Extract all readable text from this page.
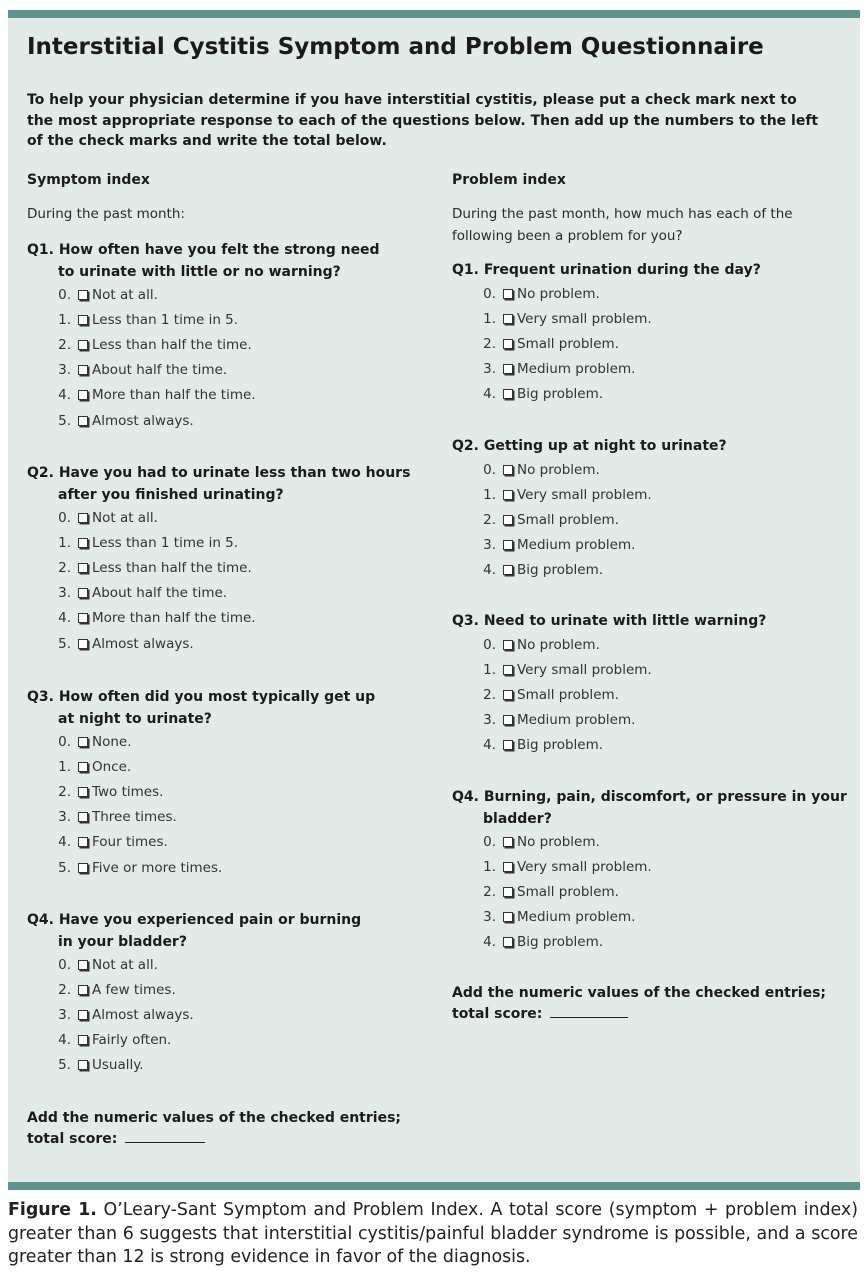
Interstitial Cystitis Symptom and Problem Questionnaire

To help your physician determine if you have interstitial cystitis, please put a check mark next to the most appropriate response to each of the questions below. Then add up the numbers to the left of the check marks and write the total below.

Symptom index
During the past month:
Q1. How often have you felt the strong need
to urinate with little or no warning?
0. Not at all.
1. Less than 1 time in 5.
2. Less than half the time.
3. About half the time.
4. More than half the time.
5. Almost always.
Q2. Have you had to urinate less than two hours
after you finished urinating?
0. Not at all.
1. Less than 1 time in 5.
2. Less than half the time.
3. About half the time.
4. More than half the time.
5. Almost always.
Q3. How often did you most typically get up
at night to urinate?
0. None.
1. Once.
2. Two times.
3. Three times.
4. Four times.
5. Five or more times.
Q4. Have you experienced pain or burning
in your bladder?
0. Not at all.
2. A few times.
3. Almost always.
4. Fairly often.
5. Usually.
Add the numeric values of the checked entries;
total score:
Problem index
During the past month, how much has each of the
following been a problem for you?
Q1. Frequent urination during the day?
0. No problem.
1. Very small problem.
2. Small problem.
3. Medium problem.
4. Big problem.
Q2. Getting up at night to urinate?
0. No problem.
1. Very small problem.
2. Small problem.
3. Medium problem.
4. Big problem.
Q3. Need to urinate with little warning?
0. No problem.
1. Very small problem.
2. Small problem.
3. Medium problem.
4. Big problem.
Q4. Burning, pain, discomfort, or pressure in your
bladder?
0. No problem.
1. Very small problem.
2. Small problem.
3. Medium problem.
4. Big problem.
Add the numeric values of the checked entries;
total score:

Figure 1. O’Leary-Sant Symptom and Problem Index. A total score (symptom + problem index) greater than 6 suggests that interstitial cystitis/painful bladder syndrome is possible, and a score greater than 12 is strong evidence in favor of the diagnosis.
